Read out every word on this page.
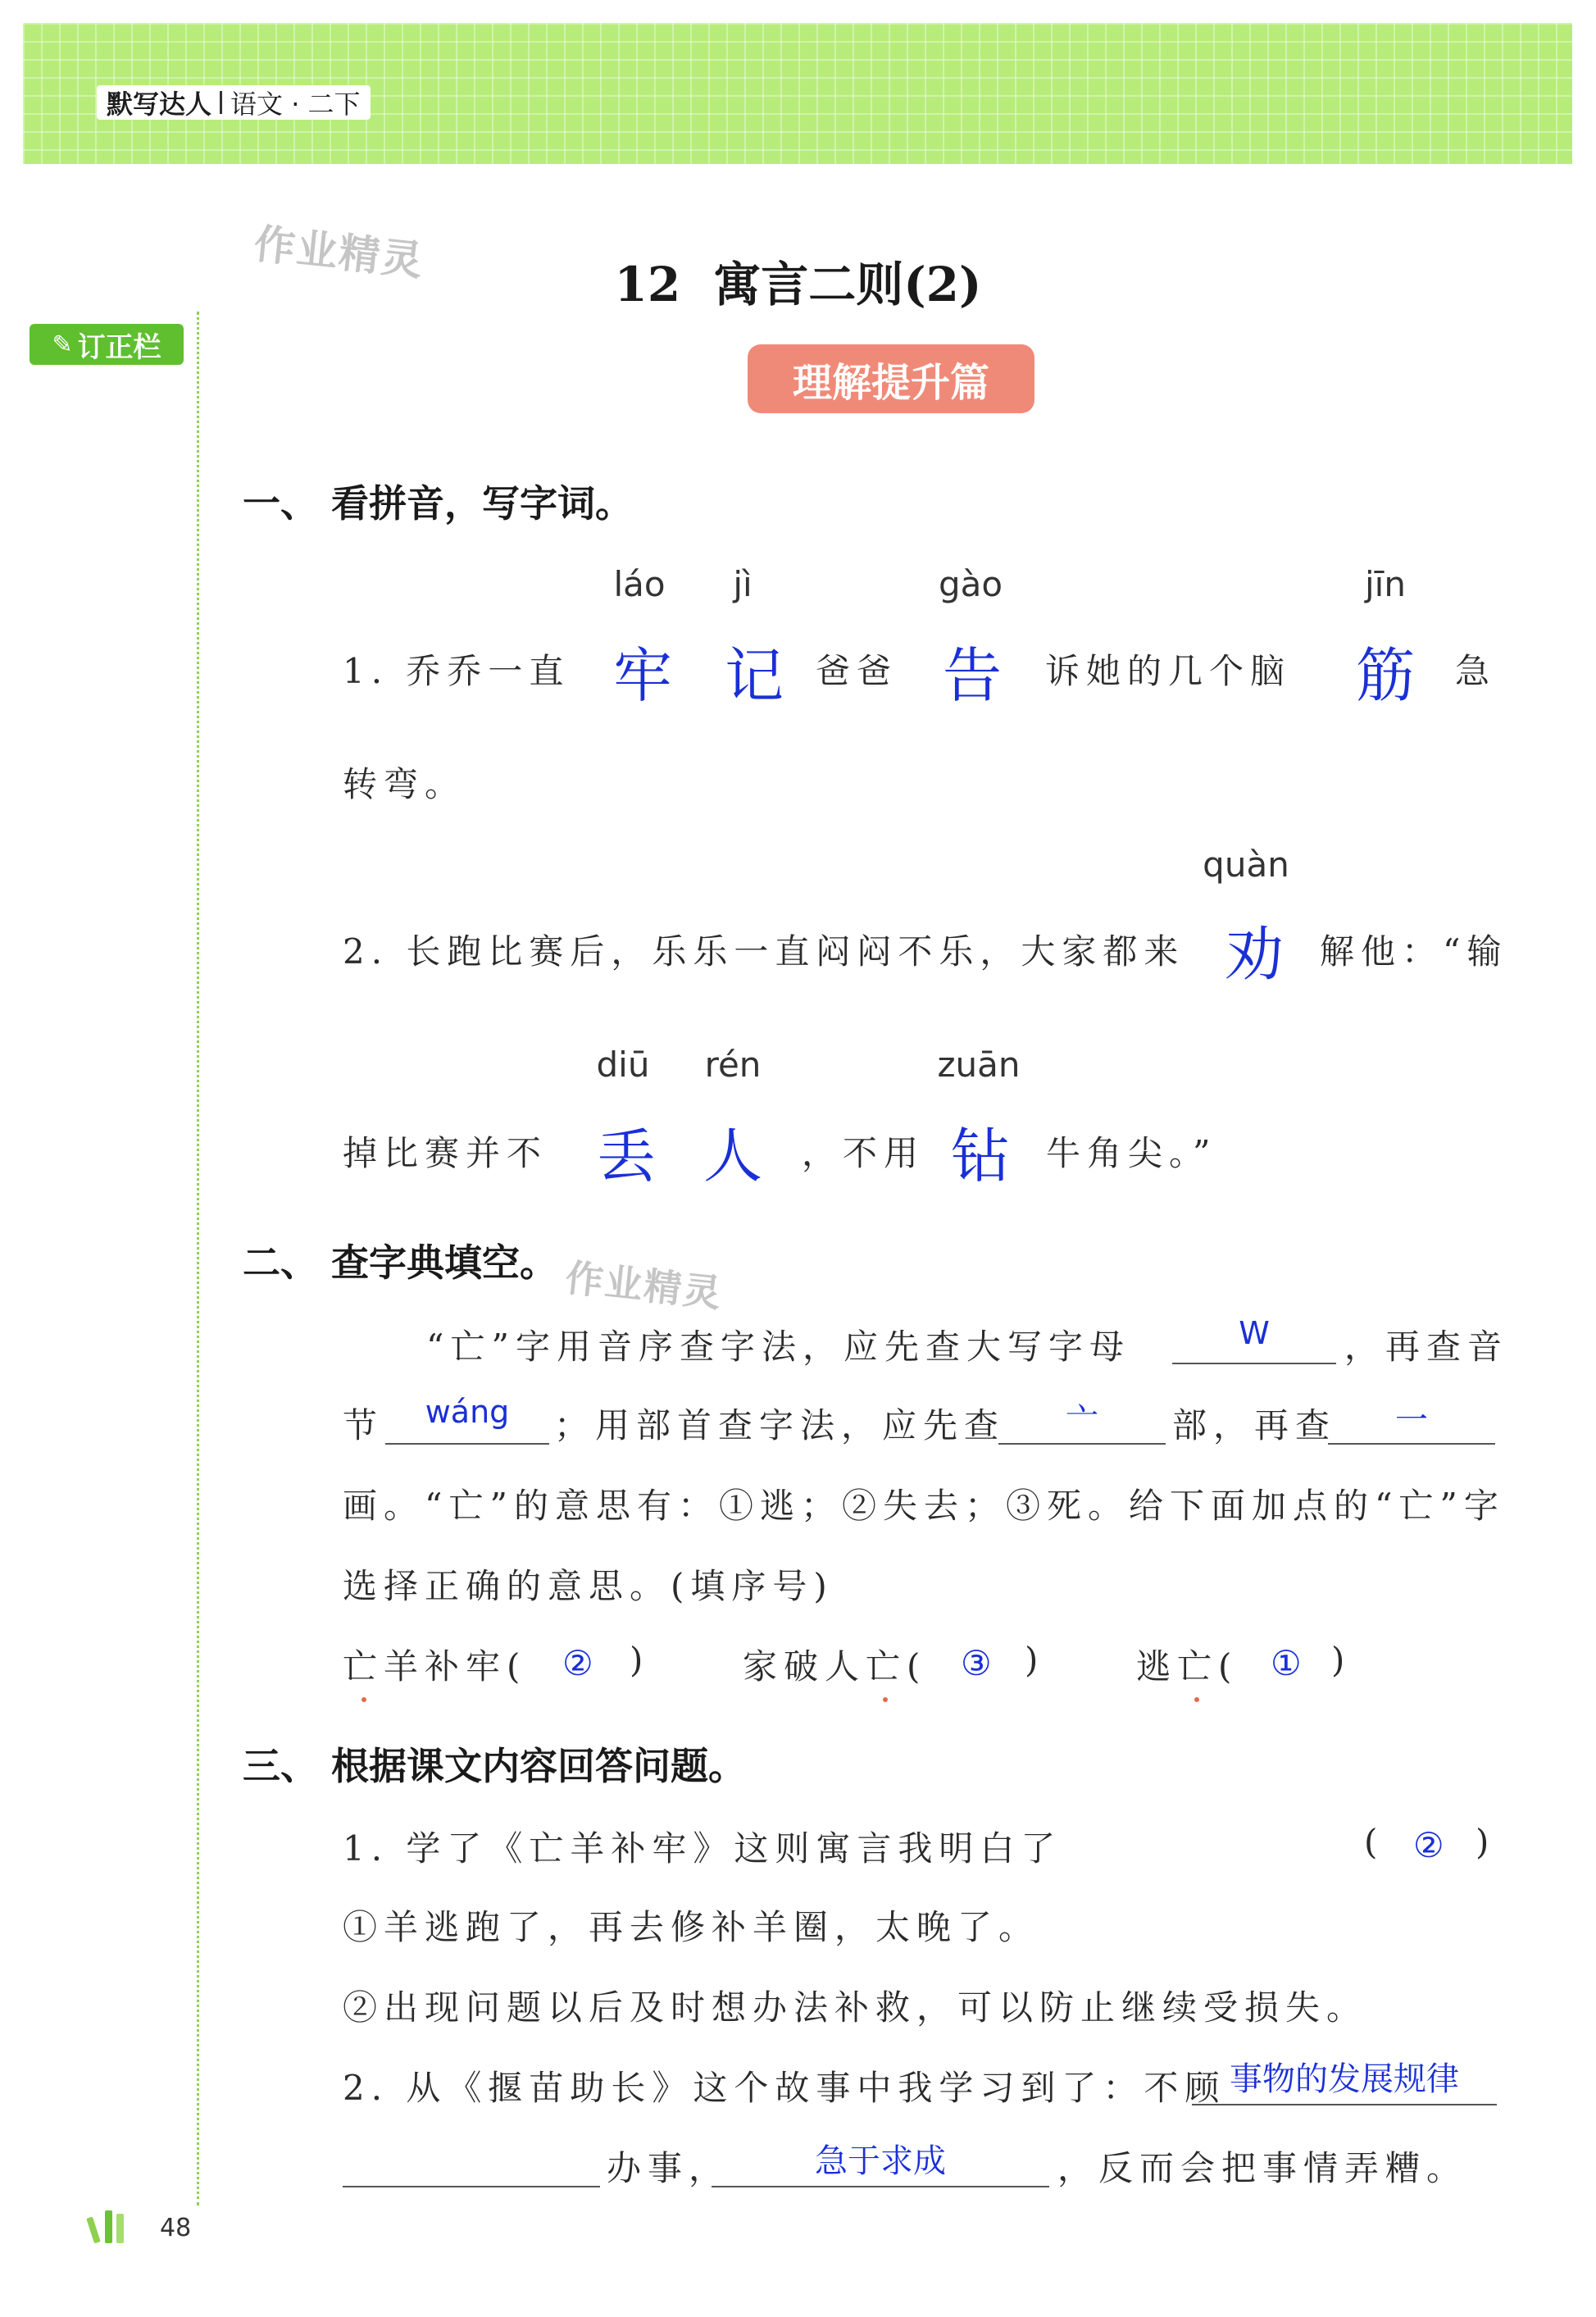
默写达人 语文 · 二下
作业精灵
作业精灵
✎ 订正栏
12 寓言二则(2)
理解提升篇
一、 看拼音，写字词。
láo	jì	gào	jīn
1. 乔乔一直 牢 记 爸爸 告	诉她的几个脑	筋	急
转弯。
quàn
2. 长跑比赛后，乐乐一直闷闷不乐，大家都来 劝	解他：“输
diū	rén	zuān
掉比赛并不 丢 人	，不用 钻	牛角尖。”
二、 查字典填空。
“亡”字用音序查字法，应先查大写字母	W	，再查音
节	wáng	；用部首查字法，应先查	亠	部，再查	一
画。“亡”的意思有：①逃；②失去；③死。给下面加点的“亡”字
选择正确的意思。(填序号)
亡羊补牢( ② )	家破人亡( ③ )	逃亡( ① )
三、 根据课文内容回答问题。
1. 学了《亡羊补牢》这则寓言我明白了	( ② )
①羊逃跑了，再去修补羊圈，太晚了。
②出现问题以后及时想办法补救，可以防止继续受损失。
2. 从《揠苗助长》这个故事中我学习到了：不顾 事物的发展规律
办事，	急于求成	，反而会把事情弄糟。
48
